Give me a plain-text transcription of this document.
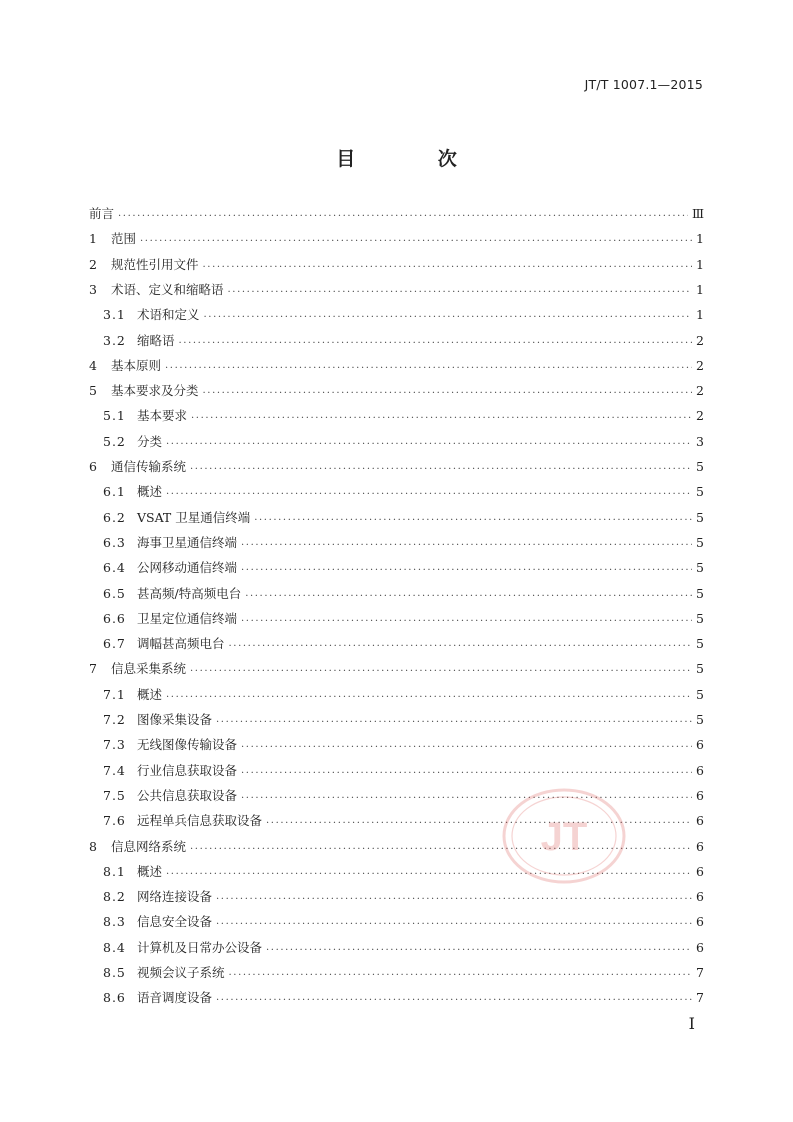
JT/T 1007.1—2015
目 次
前言 .....	Ⅲ
1	范围 .....	1
2	规范性引用文件 .....	1
3	术语、定义和缩略语 .....	1
3.1 术语和定义 .....	1
3.2 缩略语 .....	2
4	基本原则 .....	2
5	基本要求及分类 .....	2
5.1 基本要求 .....	2
5.2 分类 .....	3
6	通信传输系统 .....	5
6.1 概述 .....	5
6.2 VSAT 卫星通信终端 .....	5
6.3 海事卫星通信终端 .....	5
6.4 公网移动通信终端 .....	5
6.5 甚高频/特高频电台 .....	5
6.6 卫星定位通信终端 .....	5
6.7 调幅甚高频电台 .....	5
7	信息采集系统 .....	5
7.1 概述 .....	5
7.2 图像采集设备 .....	5
7.3 无线图像传输设备 .....	6
7.4 行业信息获取设备 .....	6
7.5 公共信息获取设备 .....	6
7.6 远程单兵信息获取设备 .....	6
8	信息网络系统 .....	6
8.1 概述 .....	6
8.2 网络连接设备 .....	6
8.3 信息安全设备 .....	6
8.4 计算机及日常办公设备 .....	6
8.5 视频会议子系统 .....	7
8.6 语音调度设备 .....	7
JT
I
